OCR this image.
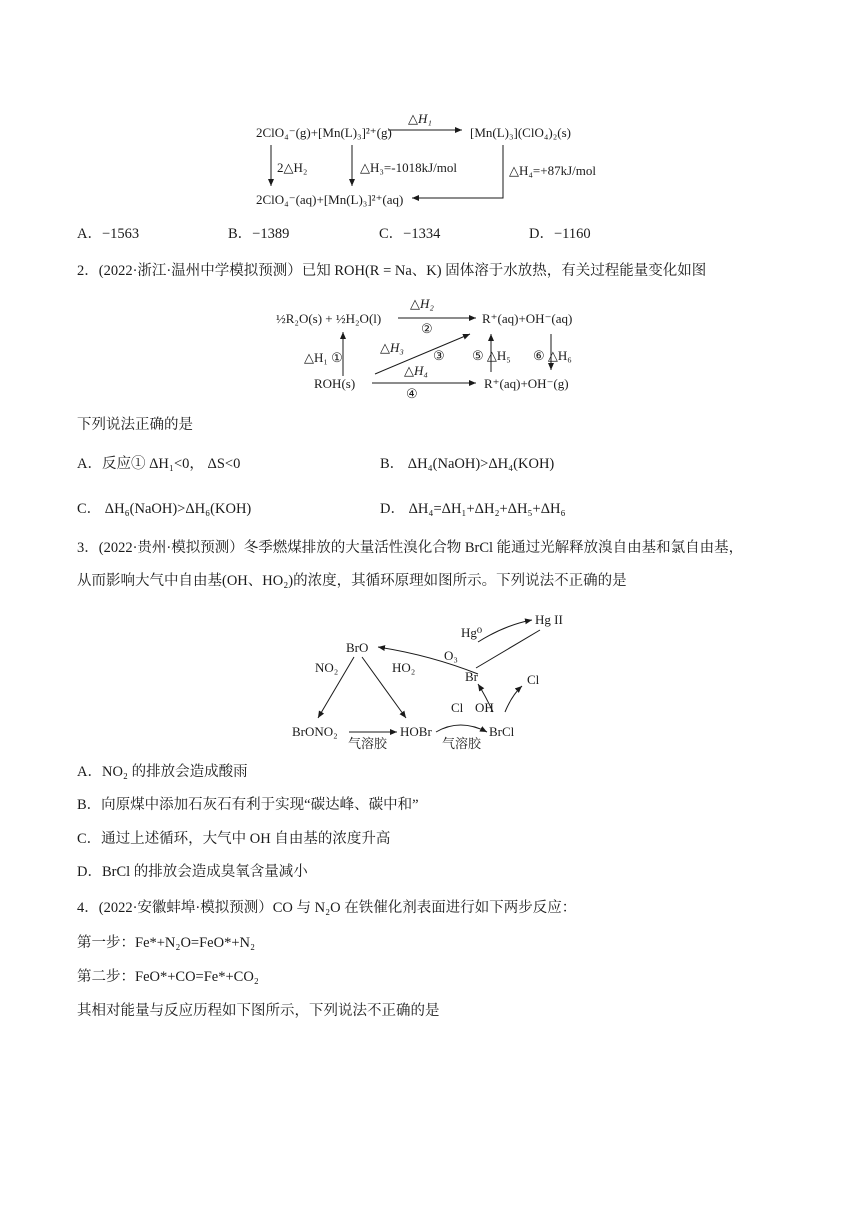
2ClO₄⁻(g)+[Mn(L)₃]²⁺(g)
△H₁
[Mn(L)₃](ClO₄)₂(s)
2△H₂	△H₃=-1018kJ/mol	△H₄=+87kJ/mol
2ClO₄⁻(aq)+[Mn(L)₃]²⁺(aq)
A．−1563	B．−1389	C．−1334	D．−1160
2．(2022·浙江·温州中学模拟预测）已知 ROH(R = Na、K) 固体溶于水放热，有关过程能量变化如图
½R₂O(s) + ½H₂O(l)
△H₂
②
R⁺(aq)+OH⁻(aq)
△H₁ ①
△H₃
③ ⑤ △H₅ ⑥ △H₆
ROH(s)
△H₄
④
R⁺(aq)+OH⁻(g)
下列说法正确的是
A．反应① ΔH₁<0， ΔS<0	B． ΔH₄(NaOH)>ΔH₄(KOH)
C． ΔH₆(NaOH)>ΔH₆(KOH)	D． ΔH₄=ΔH₁+ΔH₂+ΔH₅+ΔH₆
3．(2022·贵州·模拟预测）冬季燃煤排放的大量活性溴化合物 BrCl 能通过光解释放溴自由基和氯自由基，
从而影响大气中自由基(OH、HO₂)的浓度，其循环原理如图所示。下列说法不正确的是
Hg II
Hg⁰
BrO
O₃
Br
NO₂	HO₂
Cl
Cl OH
BrONO₂
气溶胶
HOBr
气溶胶
BrCl
A．NO₂ 的排放会造成酸雨
B．向原煤中添加石灰石有利于实现“碳达峰、碳中和”
C．通过上述循环，大气中 OH 自由基的浓度升高
D．BrCl 的排放会造成臭氧含量减小
4．(2022·安徽蚌埠·模拟预测）CO 与 N₂O 在铁催化剂表面进行如下两步反应：
第一步：Fe*+N₂O=FeO*+N₂
第二步：FeO*+CO=Fe*+CO₂
其相对能量与反应历程如下图所示，下列说法不正确的是
